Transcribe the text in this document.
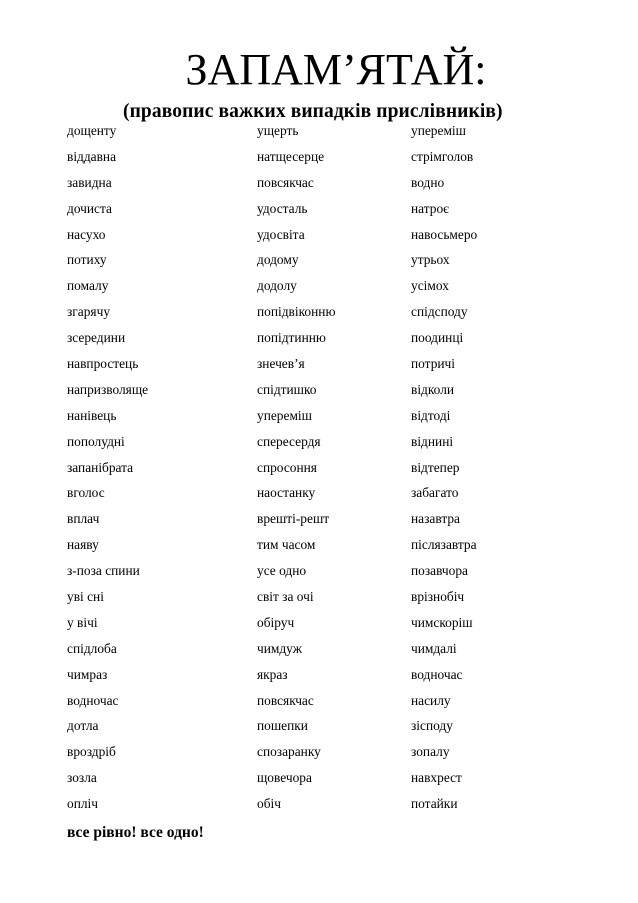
ЗАПАМ’ЯТАЙ:
(правопис важких випадків прислівників)
дощенту	ущерть	упереміш
віддавна	натщесерце	стрімголов
завидна	повсякчас	водно
дочиста	удосталь	натроє
насухо	удосвіта	навосьмеро
потиху	додому	утрьох
помалу	додолу	усімох
згарячу	попідвіконню	спідсподу
зсередини	попідтинню	поодинці
навпростець	знечев’я	потричі
напризволяще	спідтишко	відколи
нанівець	упереміш	відтоді
пополудні	спересердя	віднині
запанібрата	спросоння	відтепер
вголос	наостанку	забагато
вплач	врешті-решт	назавтра
наяву	тим часом	післязавтра
з-поза спини	усе одно	позавчора
уві сні	світ за очі	врізнобіч
у вічі	обіруч	чимскоріш
спідлоба	чимдуж	чимдалі
чимраз	якраз	водночас
водночас	повсякчас	насилу
дотла	пошепки	зісподу
вроздріб	спозаранку	зопалу
зозла	щовечора	навхрест
опліч	обіч	потайки
все рівно! все одно!
